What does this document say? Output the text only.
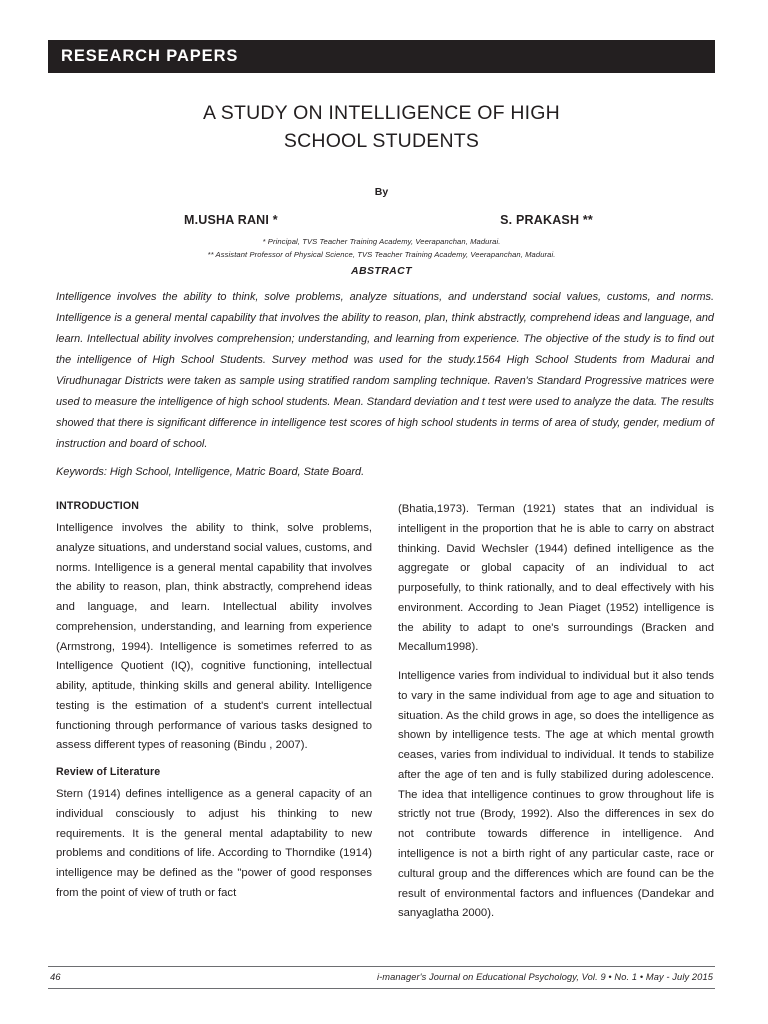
RESEARCH PAPERS
A STUDY ON INTELLIGENCE OF HIGH
SCHOOL STUDENTS
By
M.USHA RANI *	S. PRAKASH **
* Principal, TVS Teacher Training Academy, Veerapanchan, Madurai.
** Assistant Professor of Physical Science, TVS Teacher Training Academy, Veerapanchan, Madurai.
ABSTRACT

Intelligence involves the ability to think, solve problems, analyze situations, and understand social values, customs, and norms. Intelligence is a general mental capability that involves the ability to reason, plan, think abstractly, comprehend ideas and language, and learn. Intellectual ability involves comprehension; understanding, and learning from experience. The objective of the study is to find out the intelligence of High School Students. Survey method was used for the study.1564 High School Students from Madurai and Virudhunagar Districts were taken as sample using stratified random sampling technique. Raven's Standard Progressive matrices were used to measure the intelligence of high school students. Mean. Standard deviation and t test were used to analyze the data. The results showed that there is significant difference in intelligence test scores of high school students in terms of area of study, gender, medium of instruction and board of school.

Keywords: High School, Intelligence, Matric Board, State Board.

INTRODUCTION

Intelligence involves the ability to think, solve problems, analyze situations, and understand social values, customs, and norms. Intelligence is a general mental capability that involves the ability to reason, plan, think abstractly, comprehend ideas and language, and learn. Intellectual ability involves comprehension, understanding, and learning from experience (Armstrong, 1994). Intelligence is sometimes referred to as Intelligence Quotient (IQ), cognitive functioning, intellectual ability, aptitude, thinking skills and general ability. Intelligence testing is the estimation of a student's current intellectual functioning through performance of various tasks designed to assess different types of reasoning (Bindu , 2007).

Review of Literature

Stern (1914) defines intelligence as a general capacity of an individual consciously to adjust his thinking to new requirements. It is the general mental adaptability to new problems and conditions of life. According to Thorndike (1914) intelligence may be defined as the "power of good responses from the point of view of truth or fact

(Bhatia,1973). Terman (1921) states that an individual is intelligent in the proportion that he is able to carry on abstract thinking. David Wechsler (1944) defined intelligence as the aggregate or global capacity of an individual to act purposefully, to think rationally, and to deal effectively with his environment. According to Jean Piaget (1952) intelligence is the ability to adapt to one's surroundings (Bracken and Mecallum1998).

Intelligence varies from individual to individual but it also tends to vary in the same individual from age to age and situation to situation. As the child grows in age, so does the intelligence as shown by intelligence tests. The age at which mental growth ceases, varies from individual to individual. It tends to stabilize after the age of ten and is fully stabilized during adolescence. The idea that intelligence continues to grow throughout life is strictly not true (Brody, 1992). Also the differences in sex do not contribute towards difference in intelligence. And intelligence is not a birth right of any particular caste, race or cultural group and the differences which are found can be the result of environmental factors and influences (Dandekar and sanyaglatha 2000).

46	i-manager's Journal on Educational Psychology, Vol. 9 • No. 1 • May - July 2015
